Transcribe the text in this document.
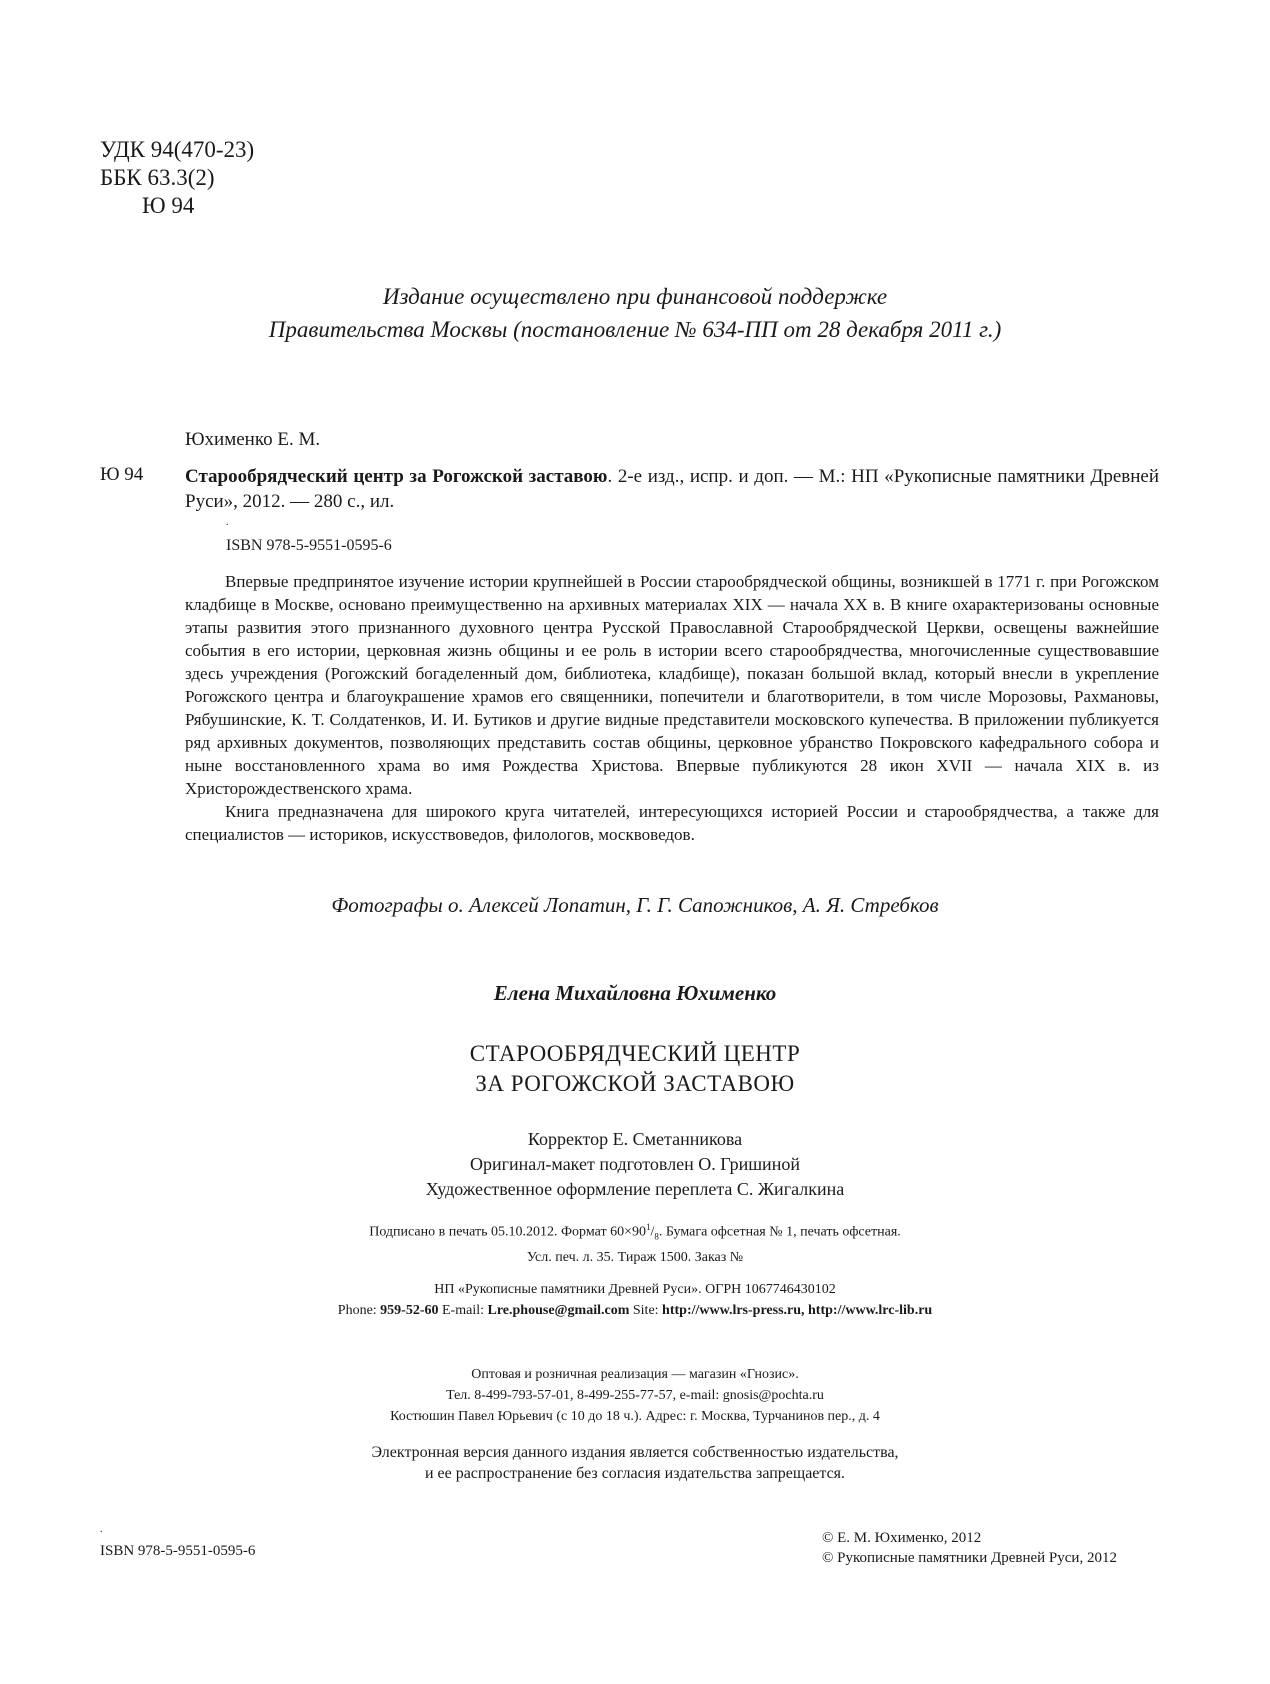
УДК 94(470-23)
ББК 63.3(2)
Ю 94
Издание осуществлено при финансовой поддержке
Правительства Москвы (постановление № 634-ПП от 28 декабря 2011 г.)
Юхименко Е. М.
Ю 94 Старообрядческий центр за Рогожской заставою. 2-е изд., испр. и доп. — М.: НП «Рукописные памятники Древней Руси», 2012. — 280 с., ил.
.
ISBN 978-5-9551-0595-6

Впервые предпринятое изучение истории крупнейшей в России старообрядческой общины, возникшей в 1771 г. при Рогожском кладбище в Москве, основано преимущественно на архивных материалах XIX — начала XX в. В книге охарактеризованы основные этапы развития этого признанного духовного центра Русской Православной Старообрядческой Церкви, освещены важнейшие события в его истории, церковная жизнь общины и ее роль в истории всего старообрядчества, многочисленные существовавшие здесь учреждения (Рогожский богаделенный дом, библиотека, кладбище), показан большой вклад, который внесли в укрепление Рогожского центра и благоукрашение храмов его священники, попечители и благотворители, в том числе Морозовы, Рахмановы, Рябушинские, К. Т. Солдатенков, И. И. Бутиков и другие видные представители московского купечества. В приложении публикуется ряд архивных документов, позволяющих представить состав общины, церковное убранство Покровского кафедрального собора и ныне восстановленного храма во имя Рождества Христова. Впервые публикуются 28 икон XVII — начала XIX в. из Христорождественского храма.

Книга предназначена для широкого круга читателей, интересующихся историей России и старообрядчества, а также для специалистов — историков, искусствоведов, филологов, москвоведов.

Фотографы о. Алексей Лопатин, Г. Г. Сапожников, А. Я. Стребков
Елена Михайловна Юхименко
СТАРООБРЯДЧЕСКИЙ ЦЕНТР
ЗА РОГОЖСКОЙ ЗАСТАВОЮ
Корректор Е. Сметанникова
Оригинал-макет подготовлен О. Гришиной
Художественное оформление переплета С. Жигалкина
Подписано в печать 05.10.2012. Формат $60\times 90^1/_8$. Бумага офсетная № 1, печать офсетная.
Усл. печ. л. 35. Тираж 1500. Заказ №
НП «Рукописные памятники Древней Руси». ОГРН 1067746430102
Phone: 959-52-60 E-mail: Lre.phouse@gmail.com Site: http://www.lrs-press.ru, http://www.lrc-lib.ru
Оптовая и розничная реализация — магазин «Гнозис».
Тел. 8-499-793-57-01, 8-499-255-77-57, e-mail: gnosis@pochta.ru
Костюшин Павел Юрьевич (с 10 до 18 ч.). Адрес: г. Москва, Турчанинов пер., д. 4
Электронная версия данного издания является собственностью издательства,
и ее распространение без согласия издательства запрещается.
.
ISBN 978-5-9551-0595-6
© Е. М. Юхименко, 2012
© Рукописные памятники Древней Руси, 2012
